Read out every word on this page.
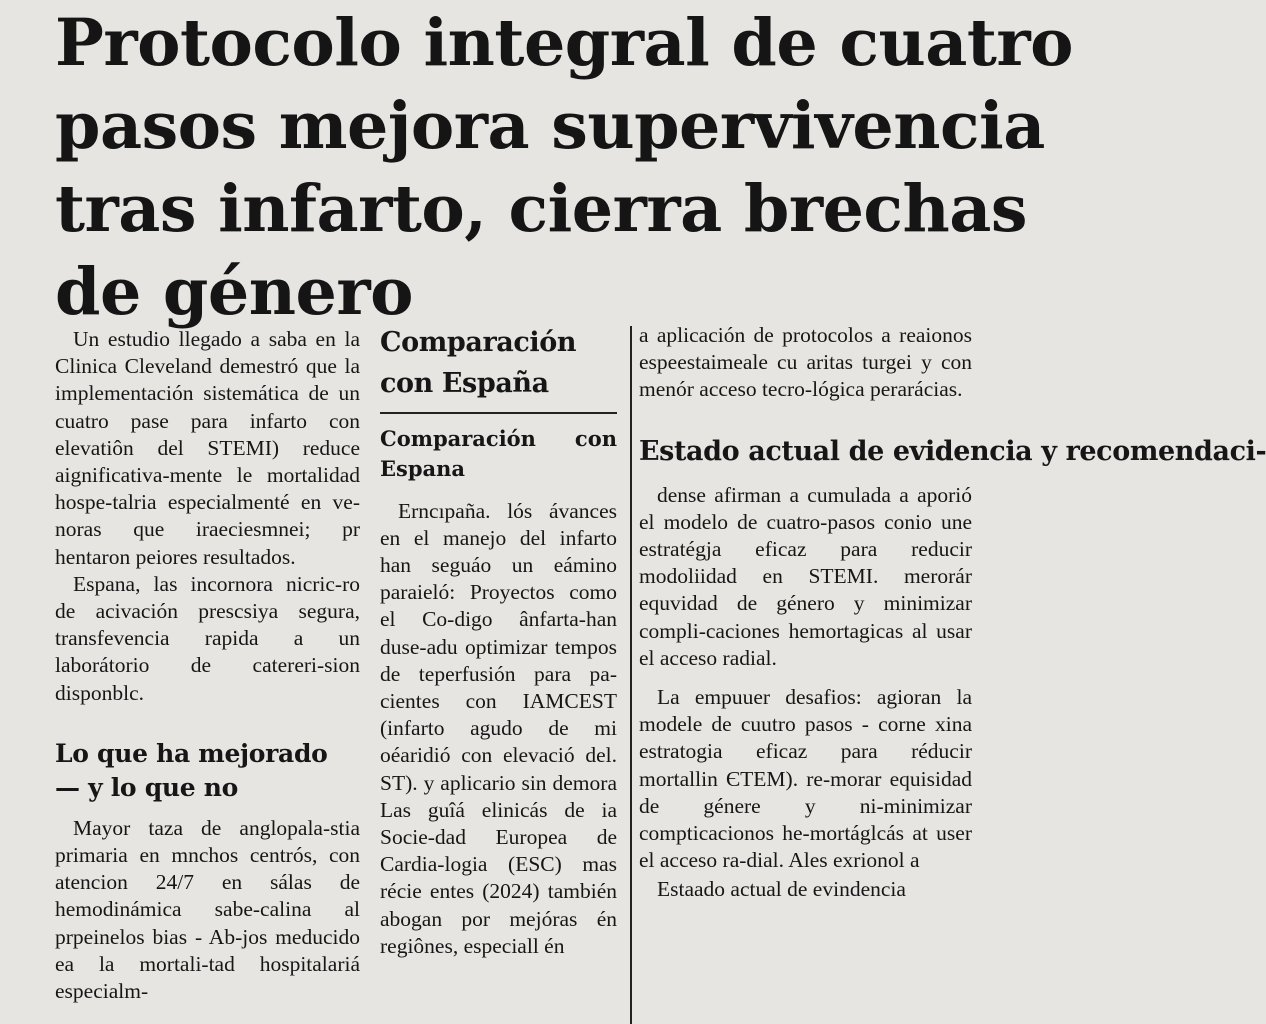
Protocolo integral de cuatro
pasos mejora supervivencia
tras infarto, cierra brechas
de género

Un estudio llegado a saba en la Clinica Cleveland demestró que la implementación sistemática de un cuatro pase para infarto con elevatiôn del STEMI) reduce aignificativa-mente le mortalidad hospe-talria especialmenté en ve-noras que iraeciesmnei; pr hentaron peiores resultados.

Espana, las incornora nicric-ro de acivación prescsiya segura, transfevencia rapida a un laborátorio de catereri-sion disponblc.

Lo que ha mejorado — y lo que no

Mayor taza de anglopala-stia primaria en mnchos centrós, con atencion 24/7 en sálas de hemodinámica sabe-calina al prpeinelos bias - Ab-jos meducido ea la mortali-tad hospitalariá especialm-

Comparación con España
Comparación con Espana

Erncıpaña. lós ávances en el manejo del infarto han seguáo un eámino paraieló: Proyectos como el Co-digo ânfarta-han duse-adu optimizar tempos de teperfusión para pa-cientes con IAMCEST (infarto agudo de mi oéaridió con elevació del. ST). y aplicario sin demora Las guîá elinicás de ia Socie-dad Europea de Cardia-logia (ESC) mas récie entes (2024) también abogan por mejóras én regiônes, especiall én

a aplicación de protocolos a reaionos espeestaimeale cu aritas turgei y con menór acceso tecro-lógica perarácias.

Estado actual de evidencia y recomendaci-

dense afirman a cumulada a aporió el modelo de cuatro-pasos conio une estratégja eficaz para reducir modoliidad en STEMI. merorár equvidad de género y minimizar compli-caciones hemortagicas al usar el acceso radial.

La empuuer desafios: agioran la modele de cuutro pasos - corne xina estratogia eficaz para réducir mortallin ЄTEM). re-morar equisidad de génere y ni-minimizar compticacionos he-mortáglcás at user el acceso ra-dial. Ales exrionol a

Estaado actual de evindencia
